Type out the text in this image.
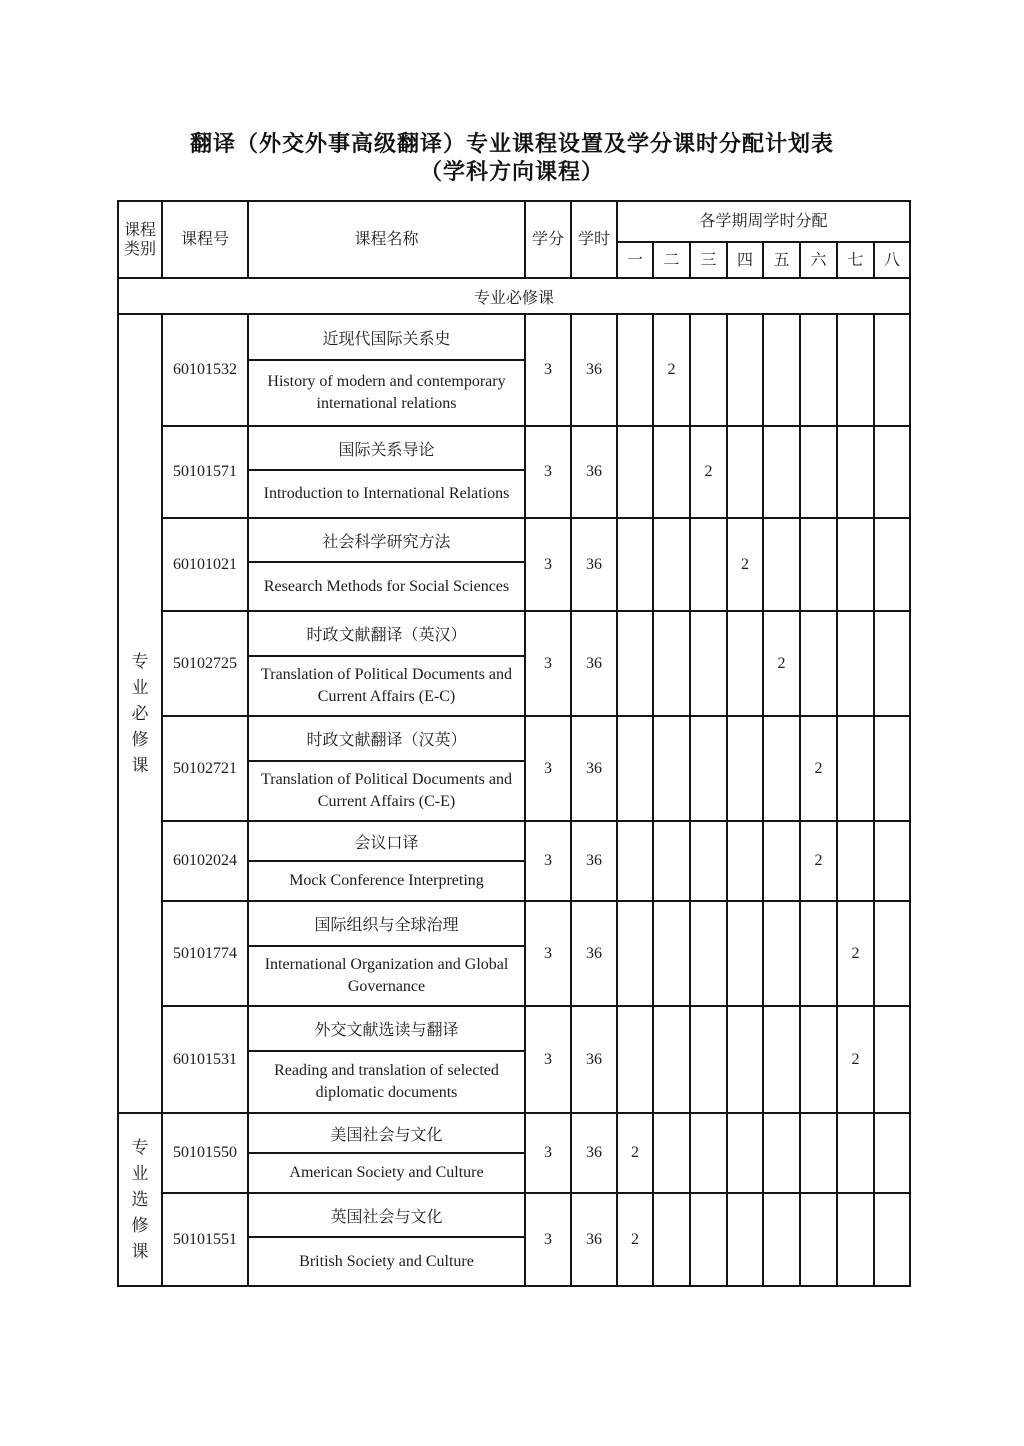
翻译（外交外事高级翻译）专业课程设置及学分课时分配计划表
（学科方向课程）
课程类别	课程号	课程名称	学分	学时	各学期周学时分配							
					一	二	三	四	五	六	七	八
专业必修课												
专
业
必
修
课	60101532	近现代国际关系史	3	36		2						
		History of modern and contemporary international relations										
	50101571	国际关系导论	3	36			2					
		Introduction to International Relations										
	60101021	社会科学研究方法	3	36				2				
		Research Methods for Social Sciences										
	50102725	时政文献翻译（英汉）	3	36					2			
		Translation of Political Documents and Current Affairs (E-C)										
	50102721	时政文献翻译（汉英）	3	36						2		
		Translation of Political Documents and Current Affairs (C-E)										
	60102024	会议口译	3	36						2		
		Mock Conference Interpreting										
	50101774	国际组织与全球治理	3	36							2	
		International Organization and Global Governance										
	60101531	外交文献选读与翻译	3	36							2	
		Reading and translation of selected diplomatic documents										
专
业
选
修
课	50101550	美国社会与文化	3	36	2							
		American Society and Culture										
	50101551	英国社会与文化	3	36	2							
		British Society and Culture										
